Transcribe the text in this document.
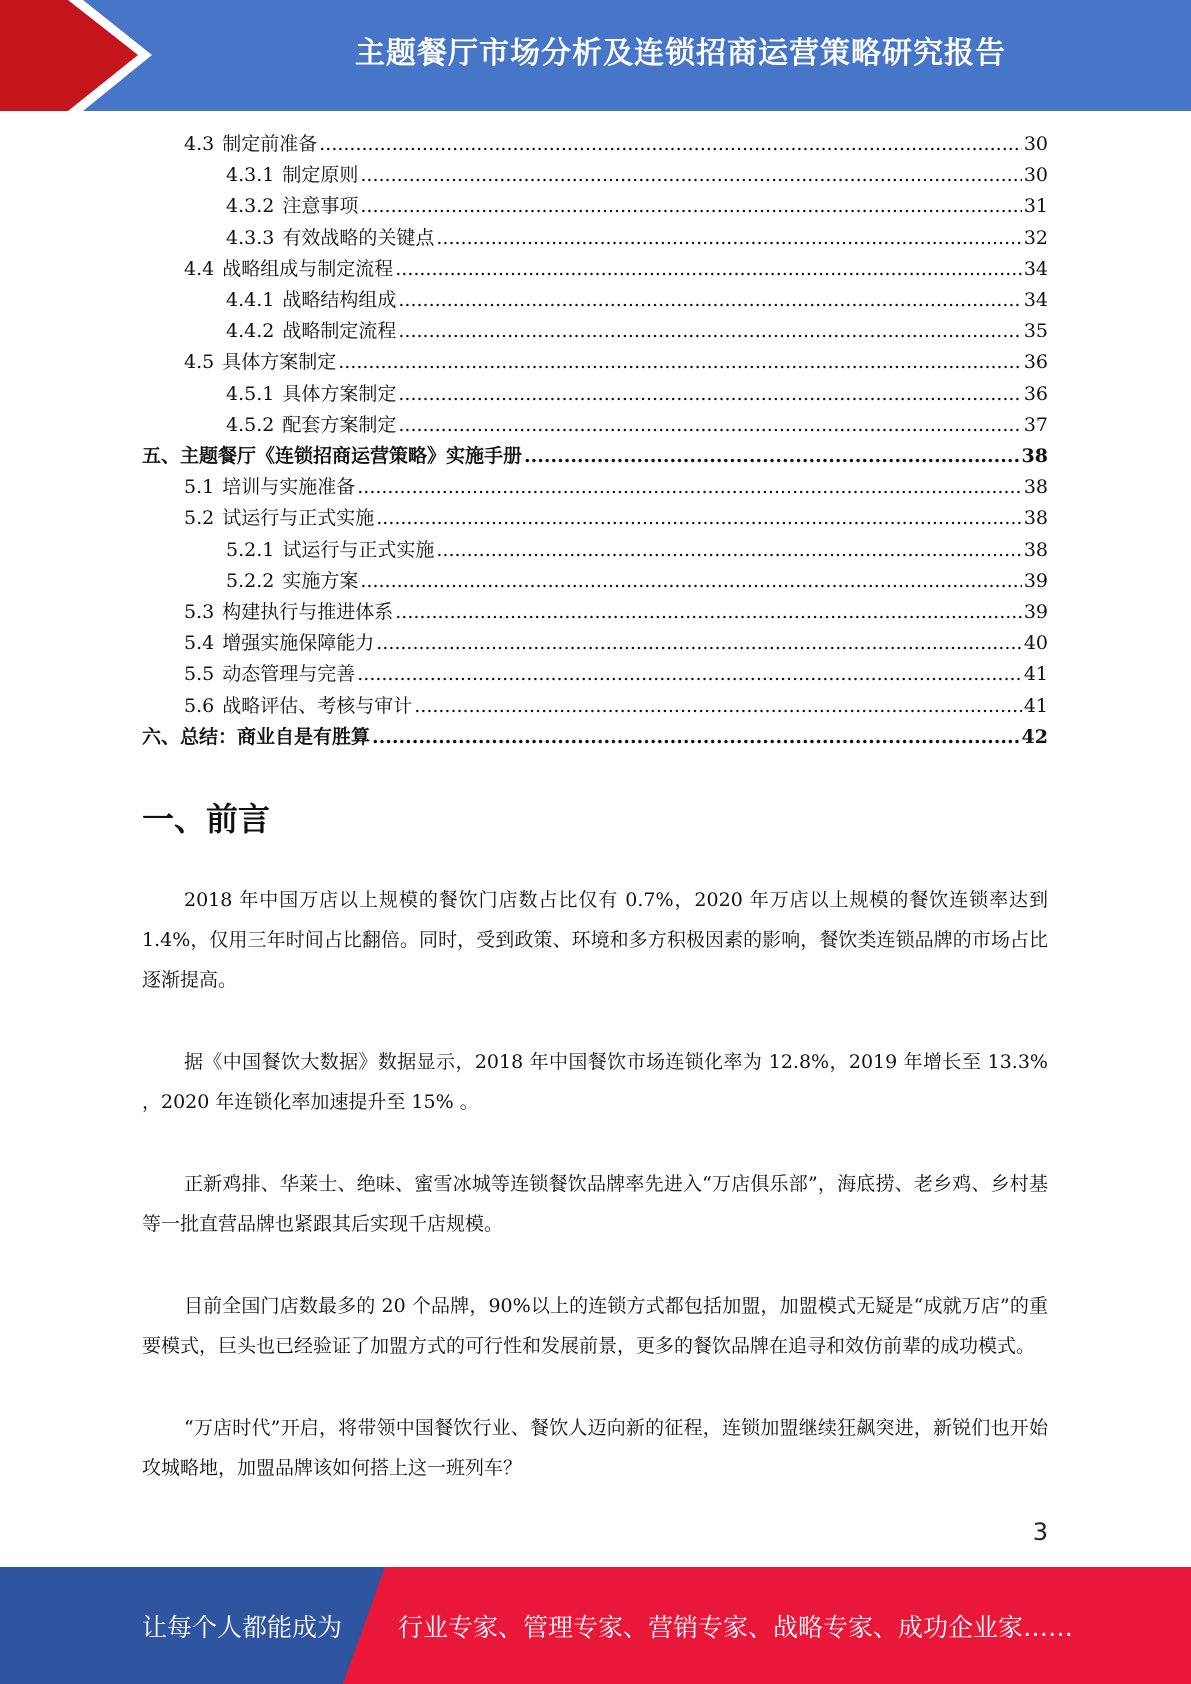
主题餐厅市场分析及连锁招商运营策略研究报告
4.3 制定前准备 .....	30
4.3.1 制定原则 .....	30
4.3.2 注意事项 .....	31
4.3.3 有效战略的关键点 .....	32
4.4 战略组成与制定流程 .....	34
4.4.1 战略结构组成 .....	34
4.4.2 战略制定流程 .....	35
4.5 具体方案制定 .....	36
4.5.1 具体方案制定 .....	36
4.5.2 配套方案制定 .....	37
五、主题餐厅《连锁招商运营策略》实施手册 .....	38
5.1 培训与实施准备 .....	38
5.2 试运行与正式实施 .....	38
5.2.1 试运行与正式实施 .....	38
5.2.2 实施方案 .....	39
5.3 构建执行与推进体系 .....	39
5.4 增强实施保障能力 .....	40
5.5 动态管理与完善 .....	41
5.6 战略评估、考核与审计 .....	41
六、总结：商业自是有胜算 .....	42
一、前言

2018 年中国万店以上规模的餐饮门店数占比仅有 0.7%，2020 年万店以上规模的餐饮连锁率达到 1.4%，仅用三年时间占比翻倍。同时，受到政策、环境和多方积极因素的影响，餐饮类连锁品牌的市场占比逐渐提高。

据《中国餐饮大数据》数据显示，2018 年中国餐饮市场连锁化率为 12.8%，2019 年增长至 13.3% ，2020 年连锁化率加速提升至 15% 。

正新鸡排、华莱士、绝味、蜜雪冰城等连锁餐饮品牌率先进入“万店俱乐部”，海底捞、老乡鸡、乡村基等一批直营品牌也紧跟其后实现千店规模。

目前全国门店数最多的 20 个品牌，90%以上的连锁方式都包括加盟，加盟模式无疑是“成就万店”的重要模式，巨头也已经验证了加盟方式的可行性和发展前景，更多的餐饮品牌在追寻和效仿前辈的成功模式。

“万店时代”开启，将带领中国餐饮行业、餐饮人迈向新的征程，连锁加盟继续狂飙突进，新锐们也开始攻城略地，加盟品牌该如何搭上这一班列车？

3
让每个人都能成为 行业专家、管理专家、营销专家、战略专家、成功企业家……
